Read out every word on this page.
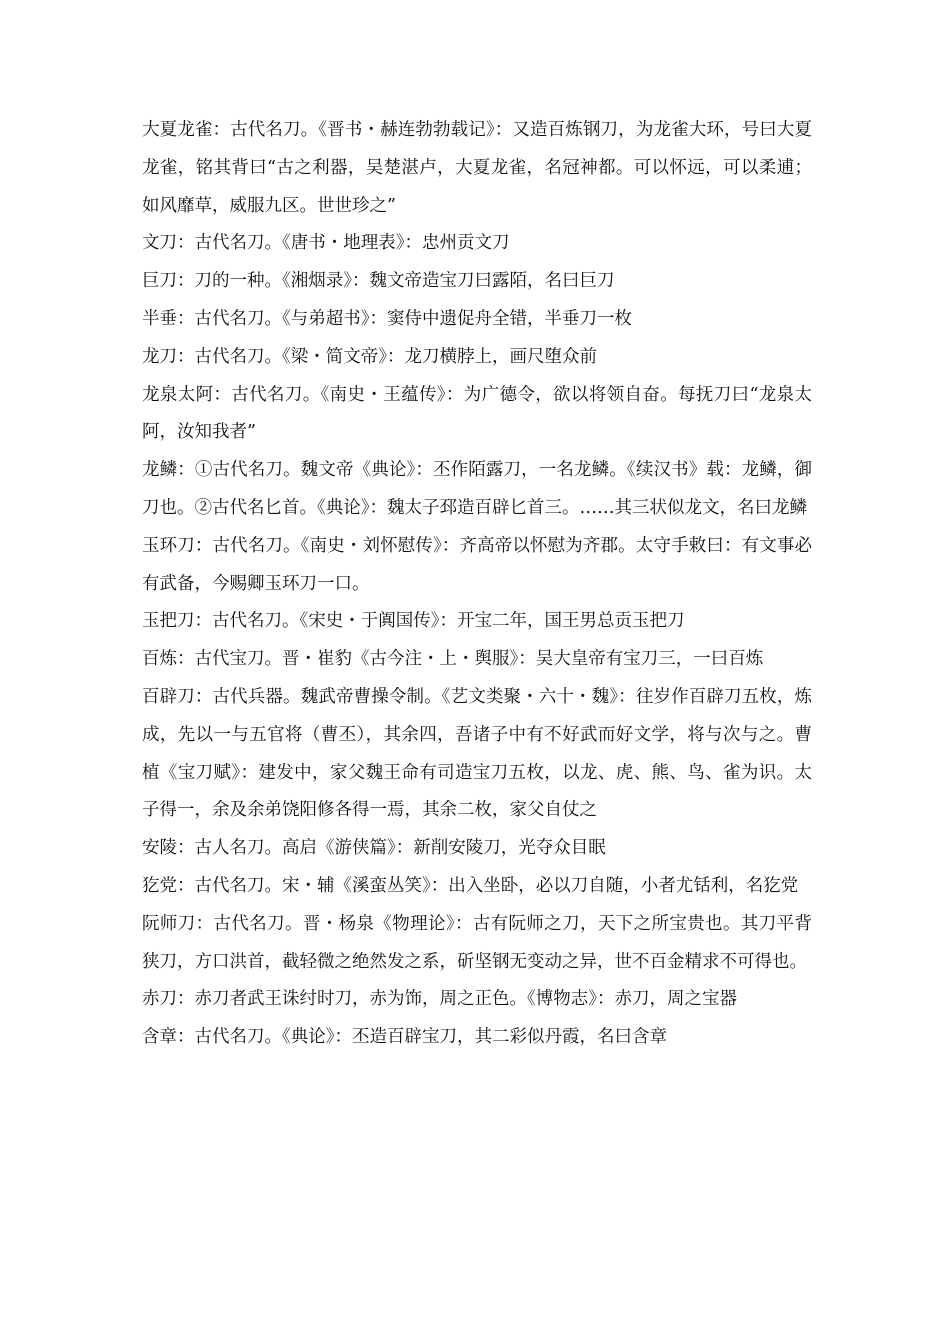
大夏龙雀：古代名刀。《晋书・赫连勃勃载记》：又造百炼钢刀，为龙雀大环，号曰大夏龙雀，铭其背曰“古之利器，吴楚湛卢，大夏龙雀，名冠神都。可以怀远，可以柔逋；如风靡草，威服九区。世世珍之”

文刀：古代名刀。《唐书・地理表》：忠州贡文刀

巨刀：刀的一种。《湘烟录》：魏文帝造宝刀曰露陌，名曰巨刀

半垂：古代名刀。《与弟超书》：窦侍中遗促舟全错，半垂刀一枚

龙刀：古代名刀。《梁・简文帝》：龙刀横脖上，画尺堕众前

龙泉太阿：古代名刀。《南史・王蕴传》：为广德令，欲以将领自奋。每抚刀曰“龙泉太阿，汝知我者”

龙鳞：①古代名刀。魏文帝《典论》：丕作陌露刀，一名龙鳞。《续汉书》载：龙鳞，御刀也。②古代名匕首。《典论》：魏太子邳造百辟匕首三。……其三状似龙文，名曰龙鳞

玉环刀：古代名刀。《南史・刘怀慰传》：齐高帝以怀慰为齐郡。太守手敕曰：有文事必有武备，今赐卿玉环刀一口。

玉把刀：古代名刀。《宋史・于阗国传》：开宝二年，国王男总贡玉把刀

百炼：古代宝刀。晋・崔豹《古今注・上・舆服》：吴大皇帝有宝刀三，一曰百炼

百辟刀：古代兵器。魏武帝曹操令制。《艺文类聚・六十・魏》：往岁作百辟刀五枚，炼成，先以一与五官将（曹丕），其余四，吾诸子中有不好武而好文学，将与次与之。曹植《宝刀赋》：建发中，家父魏王命有司造宝刀五枚，以龙、虎、熊、鸟、雀为识。太子得一，余及余弟饶阳修各得一焉，其余二枚，家父自仗之

安陵：古人名刀。高启《游侠篇》：新削安陵刀，光夺众目眠

犵党：古代名刀。宋・辅《溪蛮丛笑》：出入坐卧，必以刀自随，小者尤铦利，名犵党

阮师刀：古代名刀。晋・杨泉《物理论》：古有阮师之刀，天下之所宝贵也。其刀平背狭刀，方口洪首，截轻微之绝然发之系，斫坚钢无变动之异，世不百金精求不可得也。

赤刀：赤刀者武王诛纣时刀，赤为饰，周之正色。《博物志》：赤刀，周之宝器

含章：古代名刀。《典论》：丕造百辟宝刀，其二彩似丹霞，名曰含章
